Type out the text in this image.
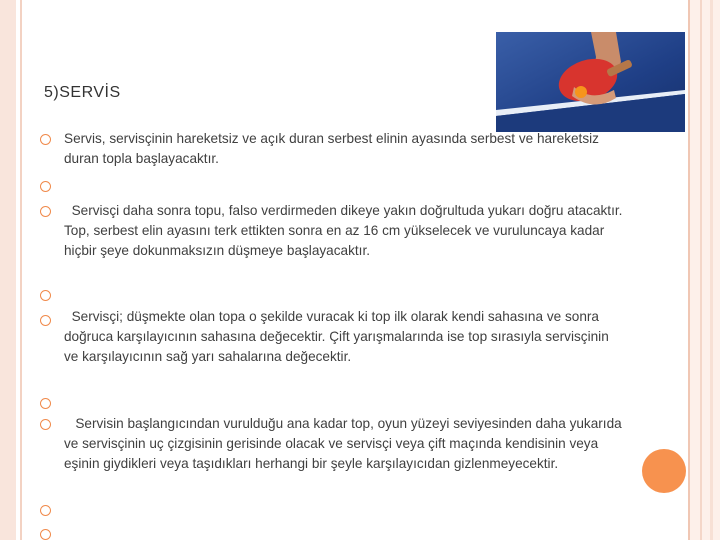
5)SERVİS
Servis, servisçinin hareketsiz ve açık duran serbest elinin ayasında serbest ve hareketsiz duran topla başlayacaktır.
Servisçi daha sonra topu, falso verdirmeden dikeye yakın doğrultuda yukarı doğru atacaktır. Top, serbest elin ayasını terk ettikten sonra en az 16 cm yükselecek ve vuruluncaya kadar hiçbir şeye dokunmaksızın düşmeye başlayacaktır.
Servisçi; düşmekte olan topa o şekilde vuracak ki top ilk olarak kendi sahasına ve sonra doğruca karşılayıcının sahasına değecektir. Çift yarışmalarında ise top sırasıyla servisçinin ve karşılayıcının sağ yarı sahalarına değecektir.
Servisin başlangıcından vurulduğu ana kadar top, oyun yüzeyi seviyesinden daha yukarıda ve servisçinin uç çizgisinin gerisinde olacak ve servisçi veya çift maçında kendisinin veya eşinin giydikleri veya taşıdıkları herhangi bir şeyle karşılayıcıdan gizlenmeyecektir.
